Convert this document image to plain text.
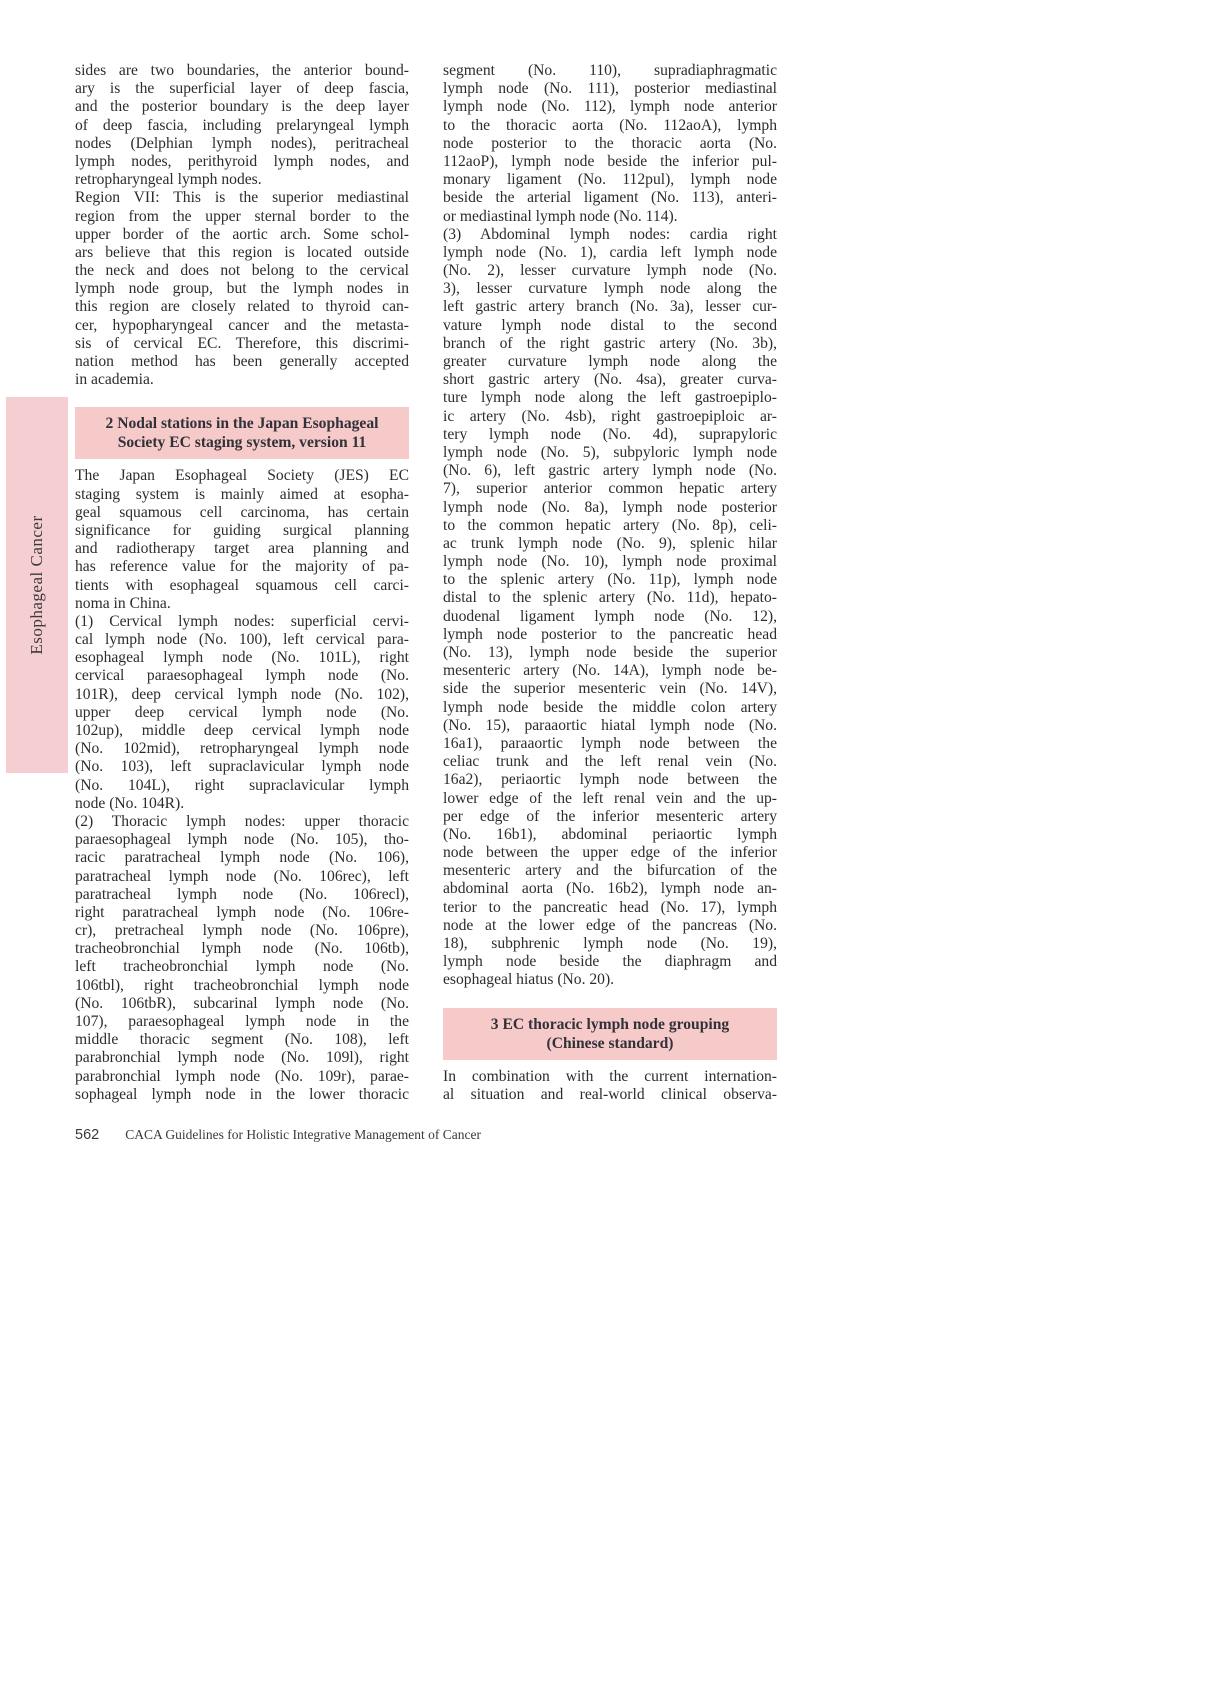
Esophageal Cancer
sides are two boundaries, the anterior bound-
ary is the superficial layer of deep fascia,
and the posterior boundary is the deep layer
of deep fascia, including prelaryngeal lymph
nodes (Delphian lymph nodes), peritracheal
lymph nodes, perithyroid lymph nodes, and
retropharyngeal lymph nodes.
Region VII: This is the superior mediastinal
region from the upper sternal border to the
upper border of the aortic arch. Some schol-
ars believe that this region is located outside
the neck and does not belong to the cervical
lymph node group, but the lymph nodes in
this region are closely related to thyroid can-
cer, hypopharyngeal cancer and the metasta-
sis of cervical EC. Therefore, this discrimi-
nation method has been generally accepted
in academia.
2 Nodal stations in the Japan Esophageal
Society EC staging system, version 11
The Japan Esophageal Society (JES) EC
staging system is mainly aimed at esopha-
geal squamous cell carcinoma, has certain
significance for guiding surgical planning
and radiotherapy target area planning and
has reference value for the majority of pa-
tients with esophageal squamous cell carci-
noma in China.
(1) Cervical lymph nodes: superficial cervi-
cal lymph node (No. 100), left cervical para-
esophageal lymph node (No. 101L), right
cervical paraesophageal lymph node (No.
101R), deep cervical lymph node (No. 102),
upper deep cervical lymph node (No.
102up), middle deep cervical lymph node
(No. 102mid), retropharyngeal lymph node
(No. 103), left supraclavicular lymph node
(No. 104L), right supraclavicular lymph
node (No. 104R).
(2) Thoracic lymph nodes: upper thoracic
paraesophageal lymph node (No. 105), tho-
racic paratracheal lymph node (No. 106),
paratracheal lymph node (No. 106rec), left
paratracheal lymph node (No. 106recl),
right paratracheal lymph node (No. 106re-
cr), pretracheal lymph node (No. 106pre),
tracheobronchial lymph node (No. 106tb),
left tracheobronchial lymph node (No.
106tbl), right tracheobronchial lymph node
(No. 106tbR), subcarinal lymph node (No.
107), paraesophageal lymph node in the
middle thoracic segment (No. 108), left
parabronchial lymph node (No. 109l), right
parabronchial lymph node (No. 109r), parae-
sophageal lymph node in the lower thoracic
segment (No. 110), supradiaphragmatic
lymph node (No. 111), posterior mediastinal
lymph node (No. 112), lymph node anterior
to the thoracic aorta (No. 112aoA), lymph
node posterior to the thoracic aorta (No.
112aoP), lymph node beside the inferior pul-
monary ligament (No. 112pul), lymph node
beside the arterial ligament (No. 113), anteri-
or mediastinal lymph node (No. 114).
(3) Abdominal lymph nodes: cardia right
lymph node (No. 1), cardia left lymph node
(No. 2), lesser curvature lymph node (No.
3), lesser curvature lymph node along the
left gastric artery branch (No. 3a), lesser cur-
vature lymph node distal to the second
branch of the right gastric artery (No. 3b),
greater curvature lymph node along the
short gastric artery (No. 4sa), greater curva-
ture lymph node along the left gastroepiplo-
ic artery (No. 4sb), right gastroepiploic ar-
tery lymph node (No. 4d), suprapyloric
lymph node (No. 5), subpyloric lymph node
(No. 6), left gastric artery lymph node (No.
7), superior anterior common hepatic artery
lymph node (No. 8a), lymph node posterior
to the common hepatic artery (No. 8p), celi-
ac trunk lymph node (No. 9), splenic hilar
lymph node (No. 10), lymph node proximal
to the splenic artery (No. 11p), lymph node
distal to the splenic artery (No. 11d), hepato-
duodenal ligament lymph node (No. 12),
lymph node posterior to the pancreatic head
(No. 13), lymph node beside the superior
mesenteric artery (No. 14A), lymph node be-
side the superior mesenteric vein (No. 14V),
lymph node beside the middle colon artery
(No. 15), paraaortic hiatal lymph node (No.
16a1), paraaortic lymph node between the
celiac trunk and the left renal vein (No.
16a2), periaortic lymph node between the
lower edge of the left renal vein and the up-
per edge of the inferior mesenteric artery
(No. 16b1), abdominal periaortic lymph
node between the upper edge of the inferior
mesenteric artery and the bifurcation of the
abdominal aorta (No. 16b2), lymph node an-
terior to the pancreatic head (No. 17), lymph
node at the lower edge of the pancreas (No.
18), subphrenic lymph node (No. 19),
lymph node beside the diaphragm and
esophageal hiatus (No. 20).
3 EC thoracic lymph node grouping
(Chinese standard)
In combination with the current internation-
al situation and real-world clinical observa-
562 CACA Guidelines for Holistic Integrative Management of Cancer
